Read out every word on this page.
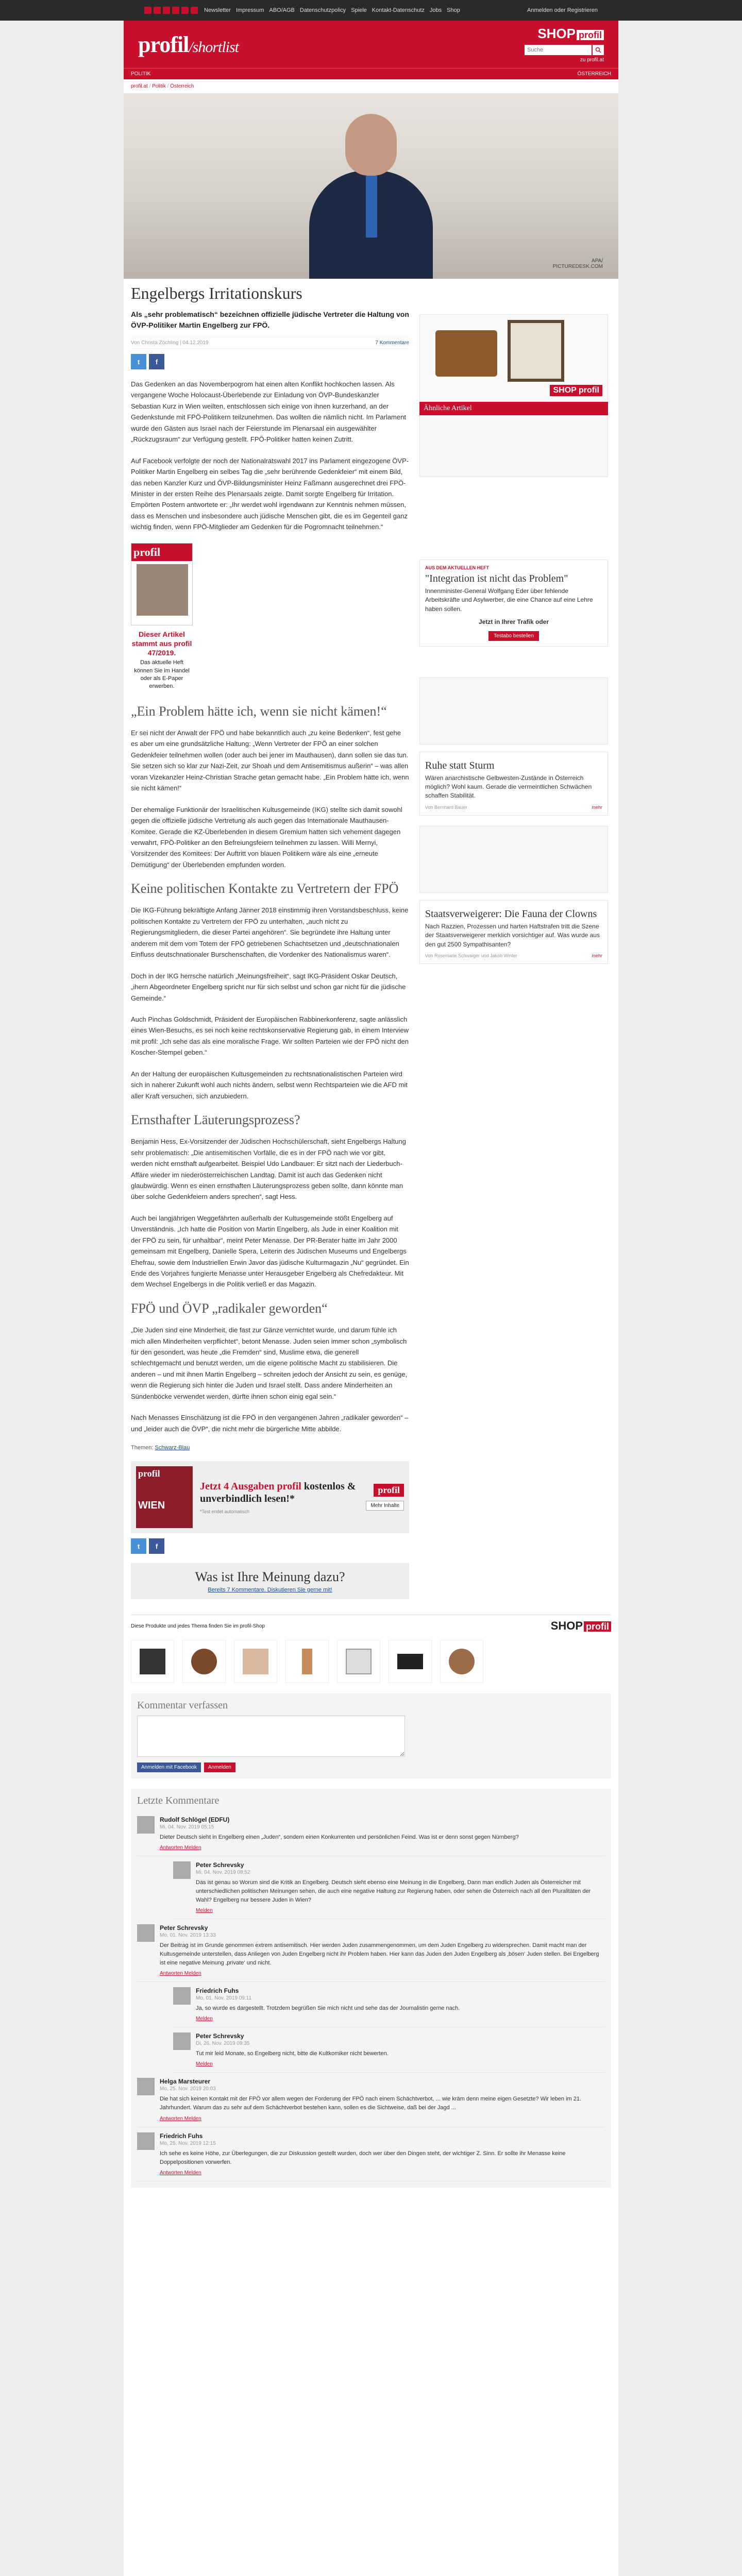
Newsletter Impressum ABO/AGB Datenschutzpolicy Spiele Kontakt-Datenschutz Jobs Shop	Anmelden oder Registrieren
profil/shortlist
SHOP profil
Suche
zu profil.at
POLITIK	ÖSTERREICH
profil.at / Politik / Österreich
APA/
PICTUREDESK.COM
Engelbergs Irritationskurs
Als „sehr problematisch“ bezeichnen offizielle jüdische Vertreter die Haltung von ÖVP-Politiker Martin Engelberg zur FPÖ.
Von Christa Zöchling | 04.12.2019	7 Kommentare
t	f

Das Gedenken an das Novemberpogrom hat einen alten Konflikt hochkochen lassen. Als vergangene Woche Holocaust-Überlebende zur Einladung von ÖVP-Bundeskanzler Sebastian Kurz in Wien weilten, entschlossen sich einige von ihnen kurzerhand, an der Gedenkstunde mit FPÖ-Politikern teilzunehmen. Das wollten die nämlich nicht. Im Parlament wurde den Gästen aus Israel nach der Feierstunde im Plenarsaal ein ausgewählter „Rückzugsraum“ zur Verfügung gestellt. FPÖ-Politiker hatten keinen Zutritt.

Auf Facebook verfolgte der noch der Nationalratswahl 2017 ins Parlament eingezogene ÖVP-Politiker Martin Engelberg ein selbes Tag die „sehr berührende Gedenkfeier“ mit einem Bild, das neben Kanzler Kurz und ÖVP-Bildungsminister Heinz Faßmann ausgerechnet drei FPÖ-Minister in der ersten Reihe des Plenarsaals zeigte. Damit sorgte Engelberg für Irritation. Empörten Postern antwortete er: „Ihr werdet wohl irgendwann zur Kenntnis nehmen müssen, dass es Menschen und insbesondere auch jüdische Menschen gibt, die es im Gegenteil ganz wichtig finden, wenn FPÖ-Mitglieder am Gedenken für die Pogromnacht teilnehmen.“

profil
Dieser Artikel stammt aus profil 47/2019.
Das aktuelle Heft können Sie im Handel oder als E-Paper erwerben.
„Ein Problem hätte ich, wenn sie nicht kämen!“

Er sei nicht der Anwalt der FPÖ und habe bekanntlich auch „zu keine Bedenken“, fest gehe es aber um eine grundsätzliche Haltung: „Wenn Vertreter der FPÖ an einer solchen Gedenkfeier teilnehmen wollen (oder auch bei jener im Mauthausen), dann sollen sie das tun. Sie setzen sich so klar zur Nazi-Zeit, zur Shoah und dem Antisemitismus außerin“ – was allen voran Vizekanzler Heinz-Christian Strache getan gemacht habe. „Ein Problem hätte ich, wenn sie nicht kämen!“

Der ehemalige Funktionär der Israelitischen Kultusgemeinde (IKG) stellte sich damit sowohl gegen die offizielle jüdische Vertretung als auch gegen das Internationale Mauthausen-Komitee. Gerade die KZ-Überlebenden in diesem Gremium hatten sich vehement dagegen verwahrt, FPÖ-Politiker an den Befreiungsfeiern teilnehmen zu lassen. Willi Mernyi, Vorsitzender des Komitees: Der Auftritt von blauen Politikern wäre als eine „erneute Demütigung“ der Überlebenden empfunden worden.

Keine politischen Kontakte zu Vertretern der FPÖ

Die IKG-Führung bekräftigte Anfang Jänner 2018 einstimmig ihren Vorstandsbeschluss, keine politischen Kontakte zu Vertretern der FPÖ zu unterhalten, „auch nicht zu Regierungsmitgliedern, die dieser Partei angehören“. Sie begründete ihre Haltung unter anderem mit dem vom Totem der FPÖ getriebenen Schachtsetzen und „deutschnationalen Einfluss deutschnationaler Burschenschaften, die Vordenker des Nationalismus waren“.

Doch in der IKG herrsche natürlich „Meinungsfreiheit“, sagt IKG-Präsident Oskar Deutsch, „ihern Abgeordneter Engelberg spricht nur für sich selbst und schon gar nicht für die jüdische Gemeinde.“

Auch Pinchas Goldschmidt, Präsident der Europäischen Rabbinerkonferenz, sagte anlässlich eines Wien-Besuchs, es sei noch keine rechtskonservative Regierung gab, in einem Interview mit profil: „Ich sehe das als eine moralische Frage. Wir sollten Parteien wie der FPÖ nicht den Koscher-Stempel geben.“

An der Haltung der europäischen Kultusgemeinden zu rechtsnationalistischen Parteien wird sich in naherer Zukunft wohl auch nichts ändern, selbst wenn Rechtsparteien wie die AFD mit aller Kraft versuchen, sich anzubiedern.

Ernsthafter Läuterungsprozess?

Benjamin Hess, Ex-Vorsitzender der Jüdischen Hochschülerschaft, sieht Engelbergs Haltung sehr problematisch: „Die antisemitischen Vorfälle, die es in der FPÖ nach wie vor gibt, werden nicht ernsthaft aufgearbeitet. Beispiel Udo Landbauer: Er sitzt nach der Liederbuch-Affäre wieder im niederösterreichischen Landtag. Damit ist auch das Gedenken nicht glaubwürdig. Wenn es einen ernsthaften Läuterungsprozess geben sollte, dann könnte man über solche Gedenkfeiern anders sprechen“, sagt Hess.

Auch bei langjährigen Weggefährten außerhalb der Kultusgemeinde stößt Engelberg auf Unverständnis. „Ich hatte die Position von Martin Engelberg, als Jude in einer Koalition mit der FPÖ zu sein, für unhaltbar“, meint Peter Menasse. Der PR-Berater hatte im Jahr 2000 gemeinsam mit Engelberg, Danielle Spera, Leiterin des Jüdischen Museums und Engelbergs Ehefrau, sowie dem Industriellen Erwin Javor das jüdische Kulturmagazin „Nu“ gegründet. Ein Ende des Vorjahres fungierte Menasse unter Herausgeber Engelberg als Chefredakteur. Mit dem Wechsel Engelbergs in die Politik verließ er das Magazin.

FPÖ und ÖVP „radikaler geworden“

„Die Juden sind eine Minderheit, die fast zur Gänze vernichtet wurde, und darum fühle ich mich allen Minderheiten verpflichtet“, betont Menasse. Juden seien immer schon „symbolisch für den gesondert, was heute „die Fremden“ sind, Muslime etwa, die generell schlechtgemacht und benutzt werden, um die eigene politische Macht zu stabilisieren. Die anderen – und mit ihnen Martin Engelberg – schreiten jedoch der Ansicht zu sein, es genüge, wenn die Regierung sich hinter die Juden und Israel stellt. Dass andere Minderheiten an Sündenböcke verwendet werden, dürfte ihnen schon einig egal sein.“

Nach Menasses Einschätzung ist die FPÖ in den vergangenen Jahren „radikaler geworden“ – und „leider auch die ÖVP“, die nicht mehr die bürgerliche Mitte abbilde.

Themen: Schwarz-Blau
profil
WIEN
Jetzt 4 Ausgaben profil kostenlos & unverbindlich lesen!*
*Test endet automatisch
profil
Mehr Inhalte
t	f
Was ist Ihre Meinung dazu?
Bereits 7 Kommentare. Diskutieren Sie gerne mit!
SHOP profil
Ähnliche Artikel
AUS DEM AKTUELLEN HEFT
"Integration ist nicht das Problem"
Innenminister-General Wolfgang Eder über fehlende Arbeitskräfte und Asylwerber, die eine Chance auf eine Lehre haben sollen.
Jetzt in Ihrer Trafik oder
Testabo bestellen
Ruhe statt Sturm
Wären anarchistische Gelbwesten-Zustände in Österreich möglich? Wohl kaum. Gerade die vermeintlichen Schwächen schaffen Stabilität.
Von Bernhard Bauer	mehr
Staatsverweigerer: Die Fauna der Clowns
Nach Razzien, Prozessen und harten Haftstrafen tritt die Szene der Staatsverweigerer merklich vorsichtiger auf. Was wurde aus den gut 2500 Sympathisanten?
Von Rosemarie Schwaiger und Jakob Winter	mehr
Diese Produkte und jedes Thema finden Sie im profil-Shop	SHOP profil
Kommentar verfassen
Anmelden mit Facebook	Anmelden
Letzte Kommentare
Rudolf Schlögel (EDFU)
Mi, 04. Nov. 2019 05:15
Dieter Deutsch sieht in Engelberg einen „Juden“, sondern einen Konkurrenten und persönlichen Feind. Was ist er denn sonst gegen Nürnberg?
Antworten Melden
Peter Schrevsky
Mi, 04. Nov. 2019 08:52
Das ist genau so Worum sind die Kritik an Engelberg. Deutsch sieht ebenso eine Meinung in die Engelberg, Dann man endlich Juden als Österreicher mit unterschiedlichen politischen Meinungen sehen, die auch eine negative Haltung zur Regierung haben, oder sehen die Österreich nach all den Pluralitäten der Wahl? Engelberg nur bessere Juden in Wien?
Melden
Peter Schrevsky
Mo, 01. Nov. 2019 13:33
Der Beitrag ist im Grunde genommen extrem antisemitisch. Hier werden Juden zusammengenommen, um dem Juden Engelberg zu widersprechen. Damit macht man der Kultusgemeinde unterstellen, dass Anliegen von Juden Engelberg nicht ihr Problem haben. Hier kann das Juden den Juden Engelberg als ‚bösen‘ Juden stellen. Bei Engelberg ist eine negative Meinung ‚private‘ und nicht.
Antworten Melden
Friedrich Fuhs
Mo, 01. Nov. 2019 09:11
Ja, so wurde es dargestellt. Trotzdem begrüßen Sie mich nicht und sehe das der Journalistin gerne nach.
Melden
Peter Schrevsky
Di, 26. Nov. 2019 09:35
Tut mir leid Monate, so Engelberg nicht, bitte die Kultkomiker nicht bewerten.
Melden
Helga Marsteurer
Mo, 25. Nov. 2019 20:03
Die hat sich keinen Kontakt mit der FPÖ vor allem wegen der Forderung der FPÖ nach einem Schächtverbot, ... wie kräm denn meine eigen Gesetzte? Wir leben im 21. Jahrhundert. Warum das zu sehr auf dem Schächtverbot bestehen kann, sollen es die Sichtweise, daß bei der Jagd ...
Antworten Melden
Friedrich Fuhs
Mo, 25. Nov. 2019 12:15
Ich sehe es keine Höhe, zur Überlegungen, die zur Diskussion gestellt wurden, doch wer über den Dingen steht, der wichtiger Z. Sinn. Er sollte ihr Menasse keine Doppelpositionen vorwerfen.
Antworten Melden
